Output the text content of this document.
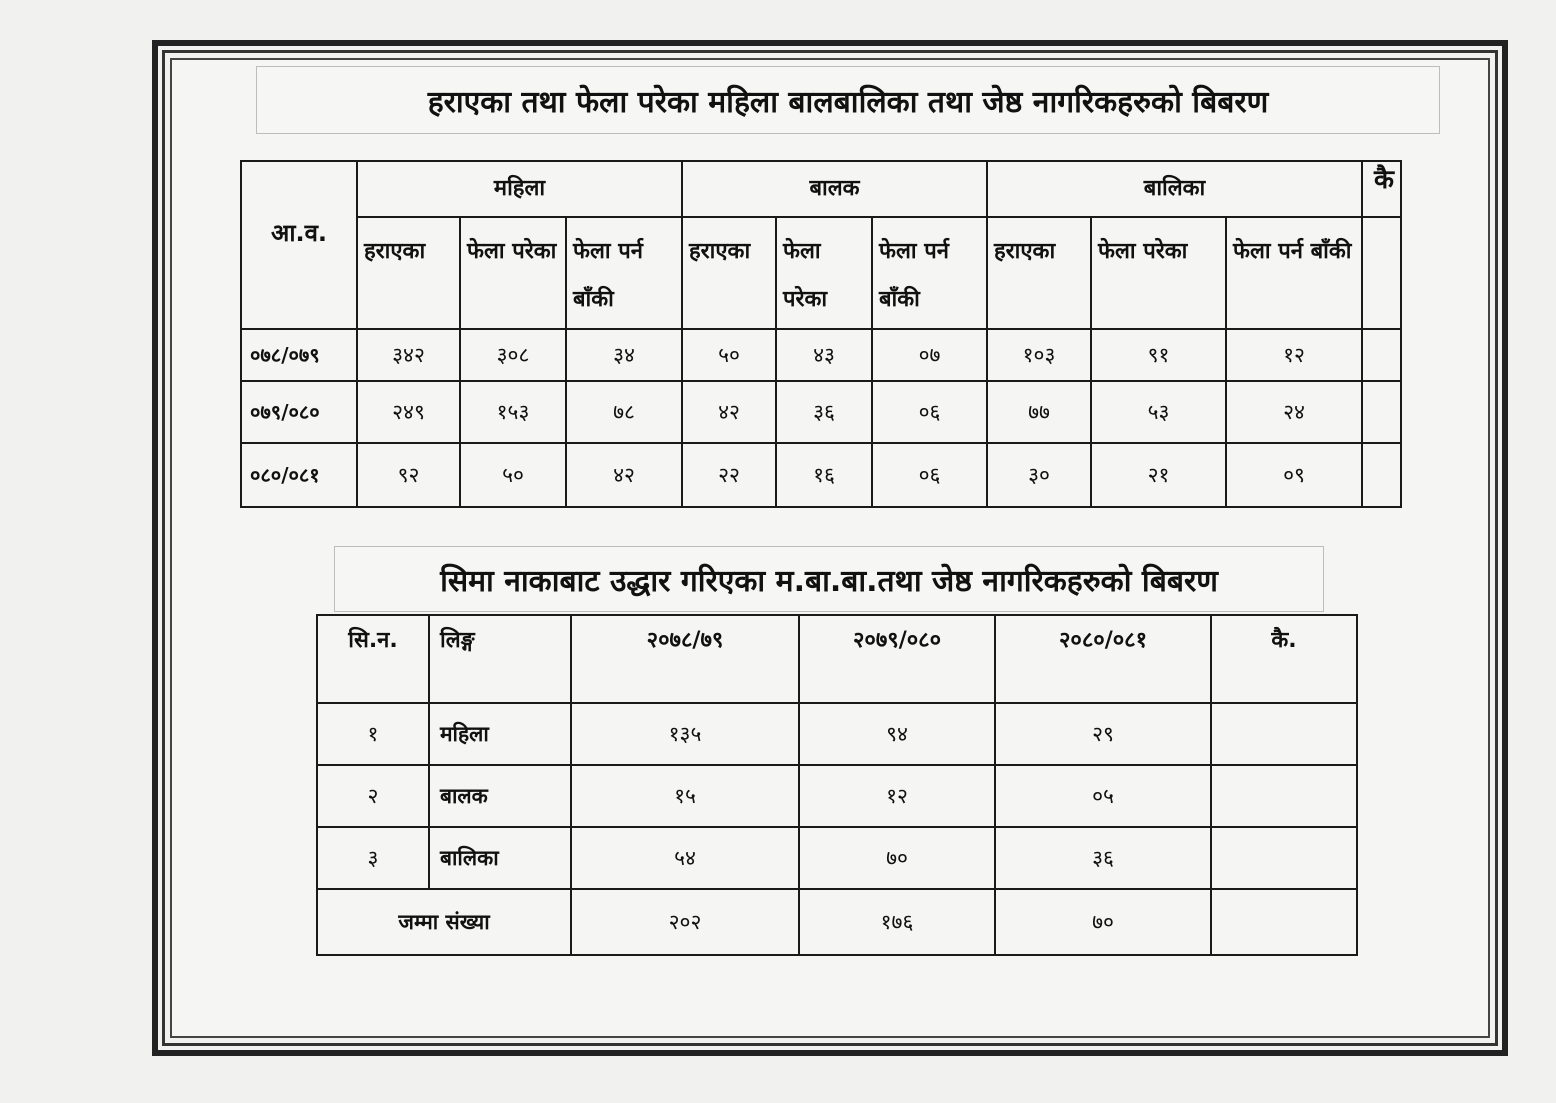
हराएका तथा फेला परेका महिला बालबालिका तथा जेष्ठ नागरिकहरुको बिबरण
आ.व.	महिला			बालक			बालिका			कै
	हराएका	फेला परेका	फेला पर्न बाँकी	हराएका	फेला परेका	फेला पर्न बाँकी	हराएका	फेला परेका	फेला पर्न बाँकी	
०७८/०७९	३४२	३०८	३४	५०	४३	०७	१०३	९१	१२	
०७९/०८०	२४९	१५३	७८	४२	३६	०६	७७	५३	२४	
०८०/०८१	९२	५०	४२	२२	१६	०६	३०	२१	०९	
सिमा नाकाबाट उद्धार गरिएका म.बा.बा.तथा जेष्ठ नागरिकहरुको बिबरण
सि.न.	लिङ्ग	२०७८/७९	२०७९/०८०	२०८०/०८१	कै.
१	महिला	१३५	९४	२९	
२	बालक	१५	१२	०५	
३	बालिका	५४	७०	३६	
जम्मा संख्या		२०२	१७६	७०	
